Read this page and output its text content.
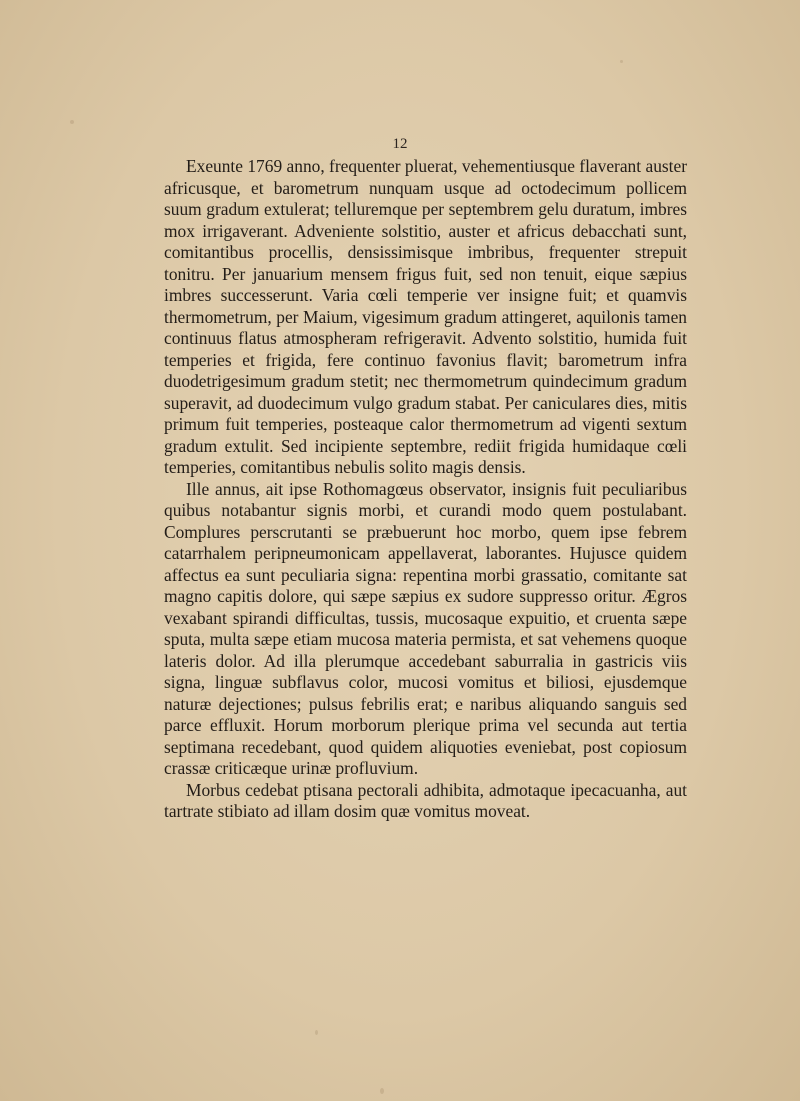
12

Exeunte 1769 anno, frequenter pluerat, vehementiusque flaverant auster africusque, et barometrum nunquam usque ad octodecimum pollicem suum gradum extulerat; telluremque per septembrem gelu duratum, imbres mox irrigaverant. Adveniente solstitio, auster et africus debacchati sunt, comitantibus procellis, densissimisque imbribus, frequenter strepuit tonitru. Per januarium mensem frigus fuit, sed non tenuit, eique sæpius imbres successerunt. Varia cœli temperie ver insigne fuit; et quamvis thermometrum, per Maium, vigesimum gradum attingeret, aquilonis tamen continuus flatus atmospheram refrigeravit. Advento solstitio, humida fuit temperies et frigida, fere continuo favonius flavit; barometrum infra duodetrigesimum gradum stetit; nec thermometrum quindecimum gradum superavit, ad duodecimum vulgo gradum stabat. Per caniculares dies, mitis primum fuit temperies, posteaque calor thermometrum ad vigenti sextum gradum extulit. Sed incipiente septembre, rediit frigida humidaque cœli temperies, comitantibus nebulis solito magis densis.

Ille annus, ait ipse Rothomagœus observator, insignis fuit peculiaribus quibus notabantur signis morbi, et curandi modo quem postulabant. Complures perscrutanti se præbuerunt hoc morbo, quem ipse febrem catarrhalem peripneumonicam appellaverat, laborantes. Hujusce quidem affectus ea sunt peculiaria signa: repentina morbi grassatio, comitante sat magno capitis dolore, qui sæpe sæpius ex sudore suppresso oritur. Ægros vexabant spirandi difficultas, tussis, mucosaque expuitio, et cruenta sæpe sputa, multa sæpe etiam mucosa materia permista, et sat vehemens quoque lateris dolor. Ad illa plerumque accedebant saburralia in gastricis viis signa, linguæ subflavus color, mucosi vomitus et biliosi, ejusdemque naturæ dejectiones; pulsus febrilis erat; e naribus aliquando sanguis sed parce effluxit. Horum morborum plerique prima vel secunda aut tertia septimana recedebant, quod quidem aliquoties eveniebat, post copiosum crassæ criticæque urinæ profluvium.

Morbus cedebat ptisana pectorali adhibita, admotaque ipecacuanha, aut tartrate stibiato ad illam dosim quæ vomitus moveat.
